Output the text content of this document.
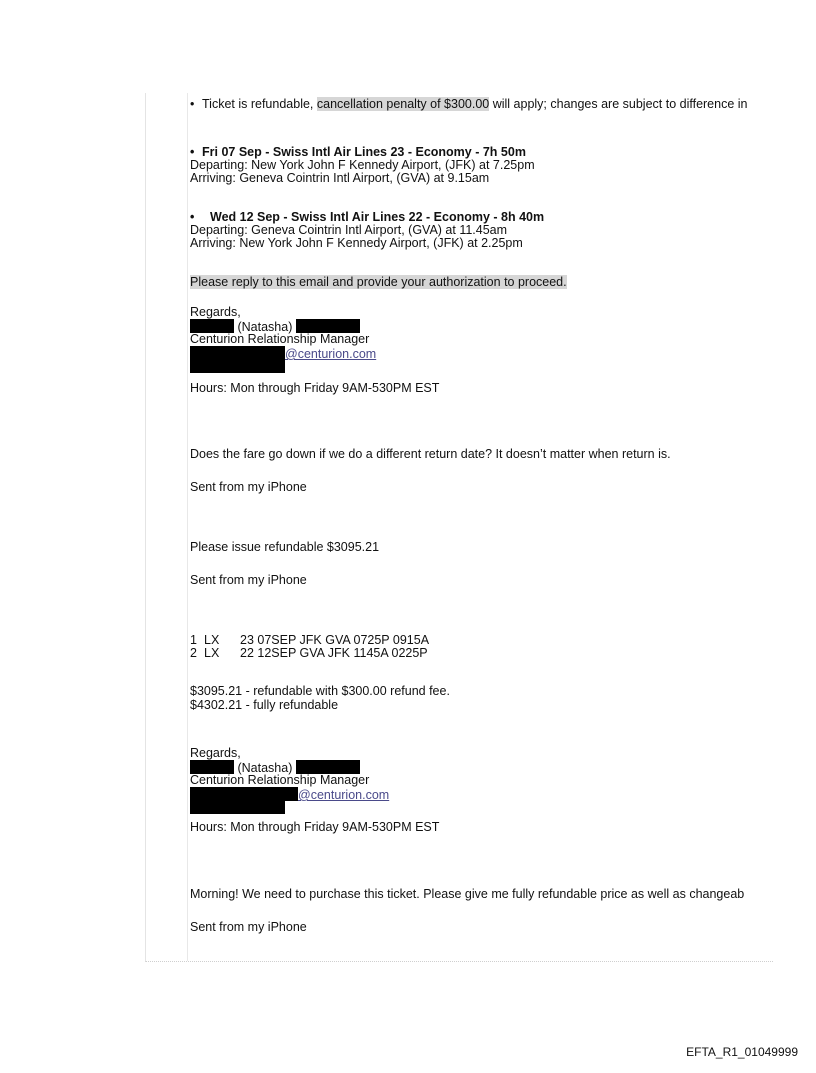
• Ticket is refundable, cancellation penalty of $300.00 will apply; changes are subject to difference in
• Fri 07 Sep - Swiss Intl Air Lines 23 - Economy - 7h 50m
Departing: New York John F Kennedy Airport, (JFK) at 7.25pm
Arriving: Geneva Cointrin Intl Airport, (GVA) at 9.15am
• Wed 12 Sep - Swiss Intl Air Lines 22 - Economy - 8h 40m
Departing: Geneva Cointrin Intl Airport, (GVA) at 11.45am
Arriving: New York John F Kennedy Airport, (JFK) at 2.25pm
Please reply to this email and provide your authorization to proceed.
Regards,
(Natasha)
Centurion Relationship Manager
@centurion.com
Hours: Mon through Friday 9AM-530PM EST
Does the fare go down if we do a different return date? It doesn’t matter when return is.
Sent from my iPhone
Please issue refundable $3095.21
Sent from my iPhone
1 LX 23 07SEP JFK GVA 0725P 0915A
2 LX 22 12SEP GVA JFK 1145A 0225P
$3095.21 - refundable with $300.00 refund fee.
$4302.21 - fully refundable
Regards,
(Natasha)
Centurion Relationship Manager
@centurion.com
Hours: Mon through Friday 9AM-530PM EST
Morning! We need to purchase this ticket. Please give me fully refundable price as well as changeab
Sent from my iPhone
EFTA_R1_01049999
